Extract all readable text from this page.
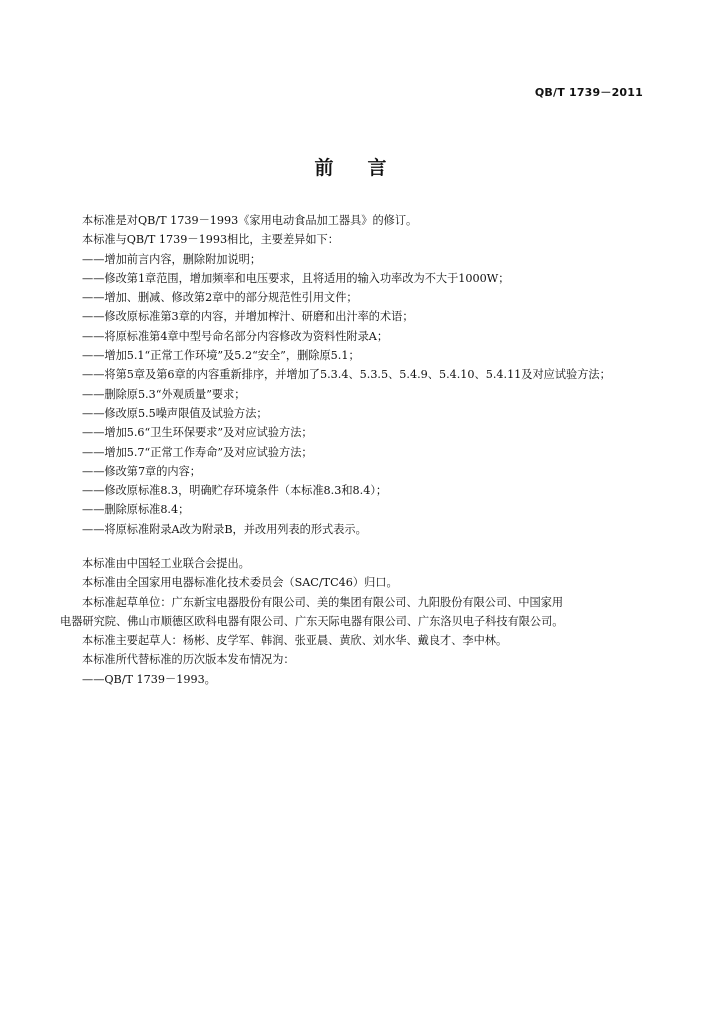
QB/T 1739－2011
前 言
本标准是对QB/T 1739－1993《家用电动食品加工器具》的修订。
本标准与QB/T 1739－1993相比，主要差异如下：
——增加前言内容，删除附加说明；
——修改第1章范围，增加频率和电压要求，且将适用的输入功率改为不大于1000W；
——增加、删减、修改第2章中的部分规范性引用文件；
——修改原标准第3章的内容，并增加榨汁、研磨和出汁率的术语；
——将原标准第4章中型号命名部分内容修改为资料性附录A；
——增加5.1“正常工作环境”及5.2“安全”，删除原5.1；
——将第5章及第6章的内容重新排序，并增加了5.3.4、5.3.5、5.4.9、5.4.10、5.4.11及对应试验方法；
——删除原5.3“外观质量”要求；
——修改原5.5噪声限值及试验方法；
——增加5.6“卫生环保要求”及对应试验方法；
——增加5.7“正常工作寿命”及对应试验方法；
——修改第7章的内容；
——修改原标准8.3，明确贮存环境条件（本标准8.3和8.4）；
——删除原标准8.4；
——将原标准附录A改为附录B，并改用列表的形式表示。
本标准由中国轻工业联合会提出。
本标准由全国家用电器标准化技术委员会（SAC/TC46）归口。
本标准起草单位：广东新宝电器股份有限公司、美的集团有限公司、九阳股份有限公司、中国家用
电器研究院、佛山市顺德区欧科电器有限公司、广东天际电器有限公司、广东洛贝电子科技有限公司。
本标准主要起草人：杨彬、皮学军、韩润、张亚晨、黄欣、刘水华、戴良才、李中林。
本标准所代替标准的历次版本发布情况为：
——QB/T 1739－1993。
